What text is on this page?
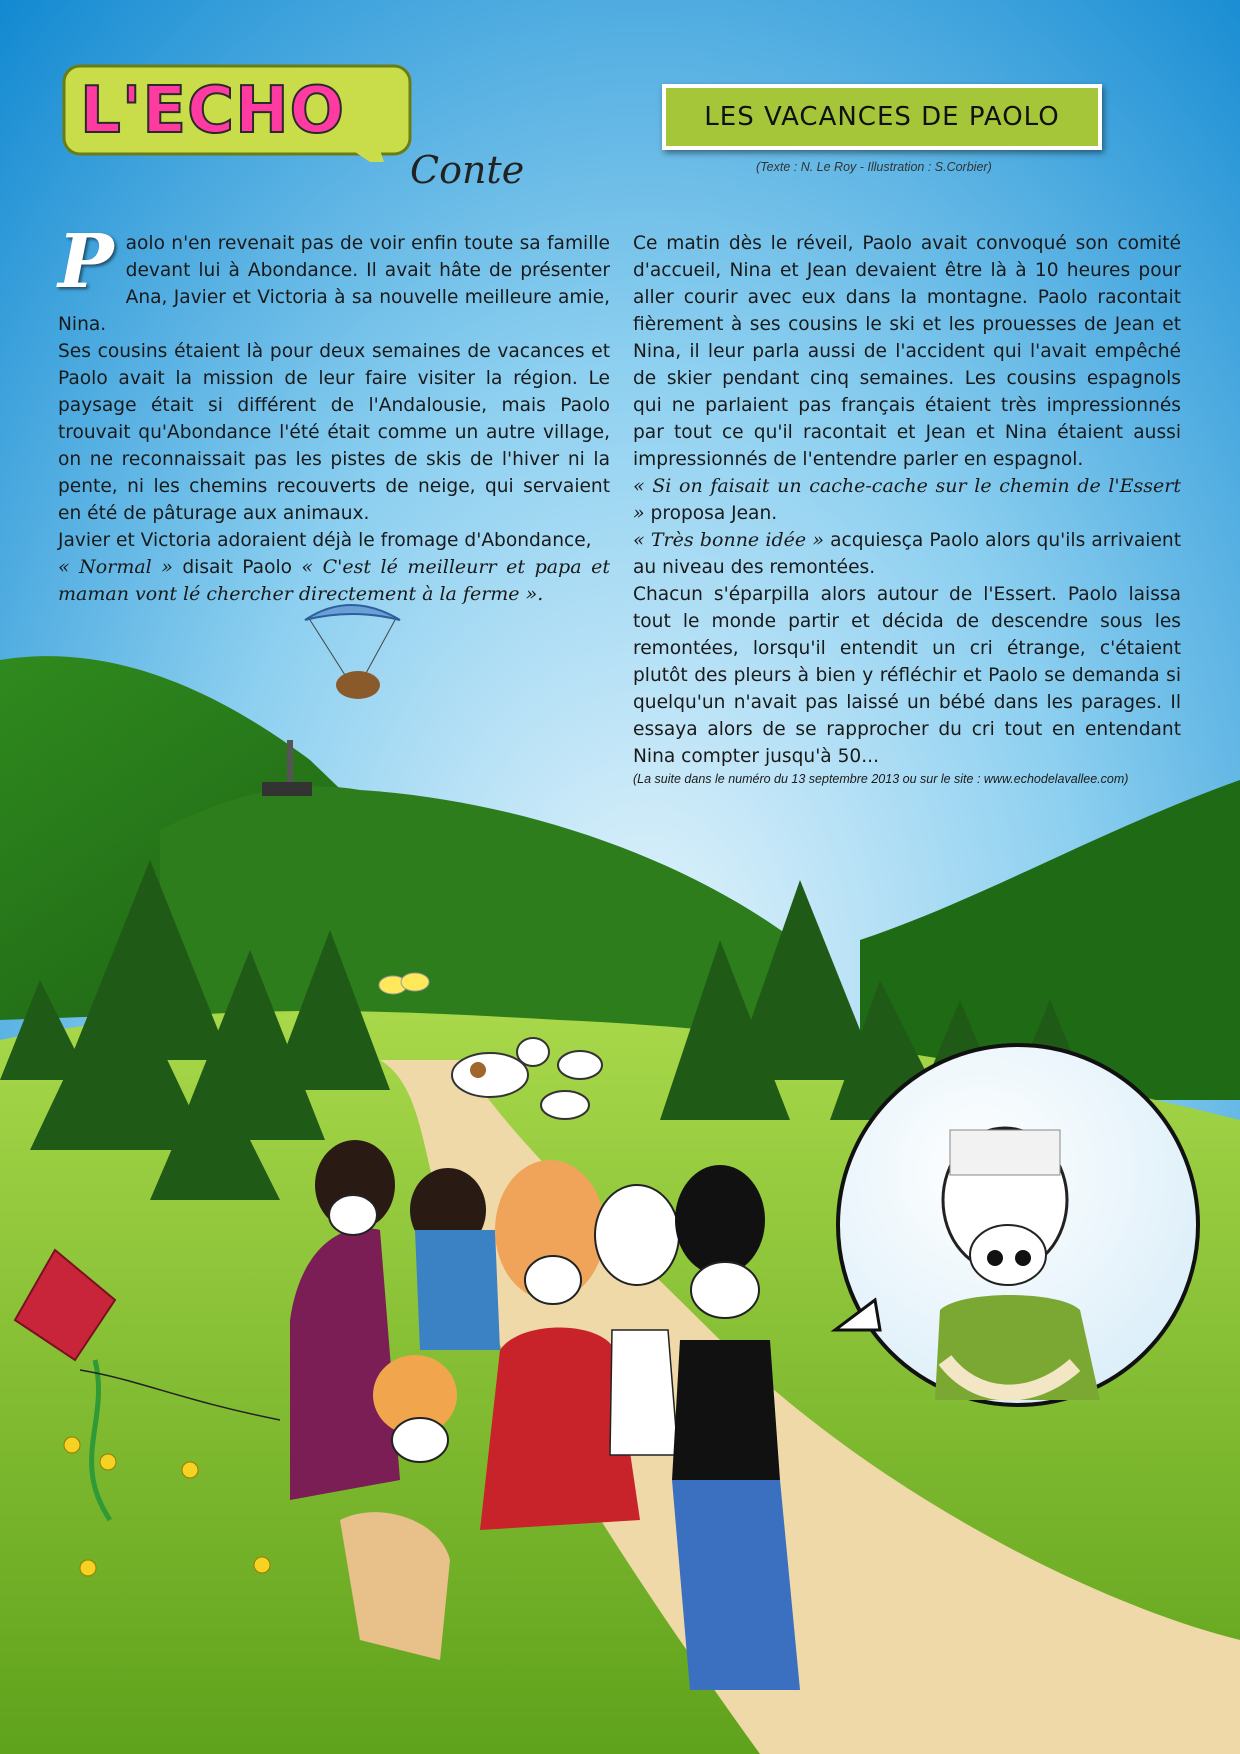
L'ECHO
Conte
LES VACANCES DE PAOLO
(Texte : N. Le Roy - Illustration : S.Corbier)

Paolo n'en revenait pas de voir enfin toute sa famille devant lui à Abondance. Il avait hâte de présenter Ana, Javier et Victoria à sa nouvelle meilleure amie, Nina.

Ses cousins étaient là pour deux semaines de vacances et Paolo avait la mission de leur faire visiter la région. Le paysage était si différent de l'Andalousie, mais Paolo trouvait qu'Abondance l'été était comme un autre village, on ne reconnaissait pas les pistes de skis de l'hiver ni la pente, ni les chemins recouverts de neige, qui servaient en été de pâturage aux animaux.

Javier et Victoria adoraient déjà le fromage d'Abondance,
« Normal » disait Paolo « C'est lé meilleurr et papa et maman vont lé chercher directement à la ferme ».

Ce matin dès le réveil, Paolo avait convoqué son comité d'accueil, Nina et Jean devaient être là à 10 heures pour aller courir avec eux dans la montagne. Paolo racontait fièrement à ses cousins le ski et les prouesses de Jean et Nina, il leur parla aussi de l'accident qui l'avait empêché de skier pendant cinq semaines. Les cousins espagnols qui ne parlaient pas français étaient très impressionnés par tout ce qu'il racontait et Jean et Nina étaient aussi impressionnés de l'entendre parler en espagnol.

« Si on faisait un cache-cache sur le chemin de l'Essert » proposa Jean.

« Très bonne idée » acquiesça Paolo alors qu'ils arrivaient au niveau des remontées.

Chacun s'éparpilla alors autour de l'Essert. Paolo laissa tout le monde partir et décida de descendre sous les remontées, lorsqu'il entendit un cri étrange, c'étaient plutôt des pleurs à bien y réfléchir et Paolo se demanda si quelqu'un n'avait pas laissé un bébé dans les parages. Il essaya alors de se rapprocher du cri tout en entendant Nina compter jusqu'à 50...

(La suite dans le numéro du 13 septembre 2013 ou sur le site : www.echodelavallee.com)
